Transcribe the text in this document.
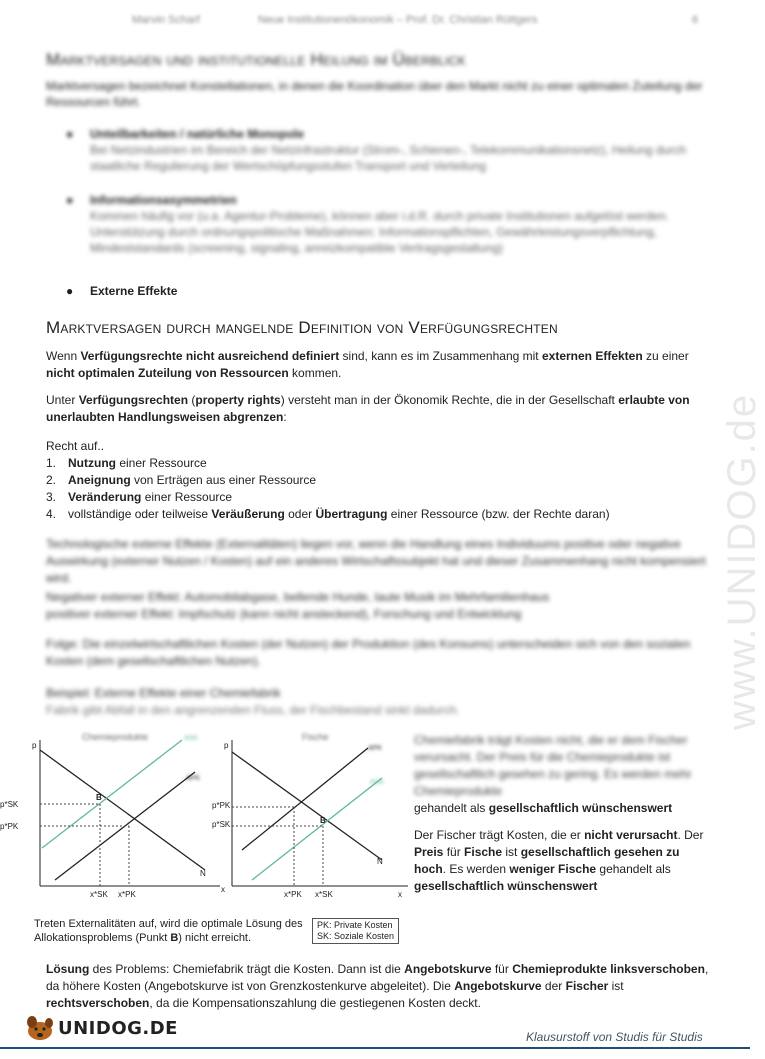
Marvin Scharf	Neue Institutionenökonomik – Prof. Dr. Christian Rüttgers	6
Marktversagen und institutionelle Heilung im Überblick

Marktversagen bezeichnet Konstellationen, in denen die Koordination über den Markt nicht zu einer optimalen Zuteilung der Ressourcen führt.

● Unteilbarkeiten / natürliche Monopole
Bei Netzindustrien im Bereich der Netzinfrastruktur (Strom-, Schienen-, Telekommunikationsnetz), Heilung durch staatliche Regulierung der Wertschöpfungsstufen Transport und Verteilung
● Informationsasymmetrien
Kommen häufig vor (u.a. Agentur-Probleme), können aber i.d.R. durch private Institutionen aufgelöst werden. Unterstützung durch ordnungspolitische Maßnahmen: Informationspflichten, Gewährleistungsverpflichtung, Mindeststandards (screening, signaling, anreizkompatible Vertragsgestaltung)
● Externe Effekte
Marktversagen durch mangelnde Definition von Verfügungsrechten

Wenn Verfügungsrechte nicht ausreichend definiert sind, kann es im Zusammenhang mit externen Effekten zu einer nicht optimalen Zuteilung von Ressourcen kommen.

Unter Verfügungsrechten (property rights) versteht man in der Ökonomik Rechte, die in der Gesellschaft erlaubte von unerlaubten Handlungsweisen abgrenzen:

Recht auf..

1. Nutzung einer Ressource
2. Aneignung von Erträgen aus einer Ressource
3. Veränderung einer Ressource
4. vollständige oder teilweise Veräußerung oder Übertragung einer Ressource (bzw. der Rechte daran)
Technologische externe Effekte (Externalitäten) liegen vor, wenn die Handlung eines Individuums positive oder negative Auswirkung (externer Nutzen / Kosten) auf ein anderes Wirtschaftssubjekt hat und dieser Zusammenhang nicht kompensiert wird.
Negativer externer Effekt: Automobilabgase, bellende Hunde, laute Musik im Mehrfamilienhaus
positiver externer Effekt: Impfschutz (kann nicht ansteckend), Forschung und Entwicklung
Folge: Die einzelwirtschaftlichen Kosten (der Nutzen) der Produktion (des Konsums) unterscheiden sich von den sozialen Kosten (dem gesellschaftlichen Nutzen).
Beispiel: Externe Effekte einer Chemiefabrik
Fabrik gibt Abfall in den angrenzenden Fluss, der Fischbestand sinkt dadurch.	www.UNIDOG.de
Chemieprodukte
p
x
p*SK
p*PK
x*SK x*PK
B
ASK
APK
N
Fische
p
x
p*PK
p*SK
x*PK x*SK
B
APK
ASK
N

Chemiefabrik trägt Kosten nicht, die er dem Fischer verursacht. Der Preis für die Chemieprodukte ist gesellschaftlich gesehen zu gering. Es werden mehr Chemieprodukte
gehandelt als gesellschaftlich wünschenswert

Der Fischer trägt Kosten, die er nicht verursacht. Der Preis für Fische ist gesellschaftlich gesehen zu hoch. Es werden weniger Fische gehandelt als gesellschaftlich wünschenswert

Treten Externalitäten auf, wird die optimale Lösung des Allokationsproblems (Punkt B) nicht erreicht.
PK: Private Kosten
SK: Soziale Kosten
Lösung des Problems: Chemiefabrik trägt die Kosten. Dann ist die Angebotskurve für Chemieprodukte linksverschoben, da höhere Kosten (Angebotskurve ist von Grenzkostenkurve abgeleitet). Die Angebotskurve der Fischer ist rechtsverschoben, da die Kompensationszahlung die gestiegenen Kosten deckt.
UNIDOG.DE	Klausurstoff von Studis für Studis
